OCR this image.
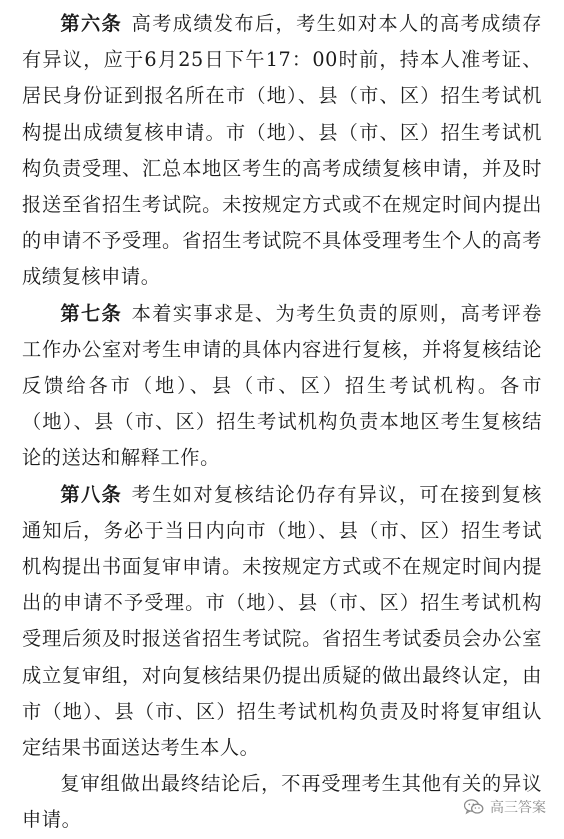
第六条 高考成绩发布后，考生如对本人的高考成绩存有异议，应于6月25日下午17：00时前，持本人准考证、居民身份证到报名所在市（地）、县（市、区）招生考试机构提出成绩复核申请。市（地）、县（市、区）招生考试机构负责受理、汇总本地区考生的高考成绩复核申请，并及时报送至省招生考试院。未按规定方式或不在规定时间内提出的申请不予受理。省招生考试院不具体受理考生个人的高考成绩复核申请。

第七条 本着实事求是、为考生负责的原则，高考评卷工作办公室对考生申请的具体内容进行复核，并将复核结论反馈给各市（地）、县（市、区）招生考试机构。各市（地）、县（市、区）招生考试机构负责本地区考生复核结论的送达和解释工作。

第八条 考生如对复核结论仍存有异议，可在接到复核通知后，务必于当日内向市（地）、县（市、区）招生考试机构提出书面复审申请。未按规定方式或不在规定时间内提出的申请不予受理。市（地）、县（市、区）招生考试机构受理后须及时报送省招生考试院。省招生考试委员会办公室成立复审组，对向复核结果仍提出质疑的做出最终认定，由市（地）、县（市、区）招生考试机构负责及时将复审组认定结果书面送达考生本人。

复审组做出最终结论后，不再受理考生其他有关的异议申请。

高三答案
